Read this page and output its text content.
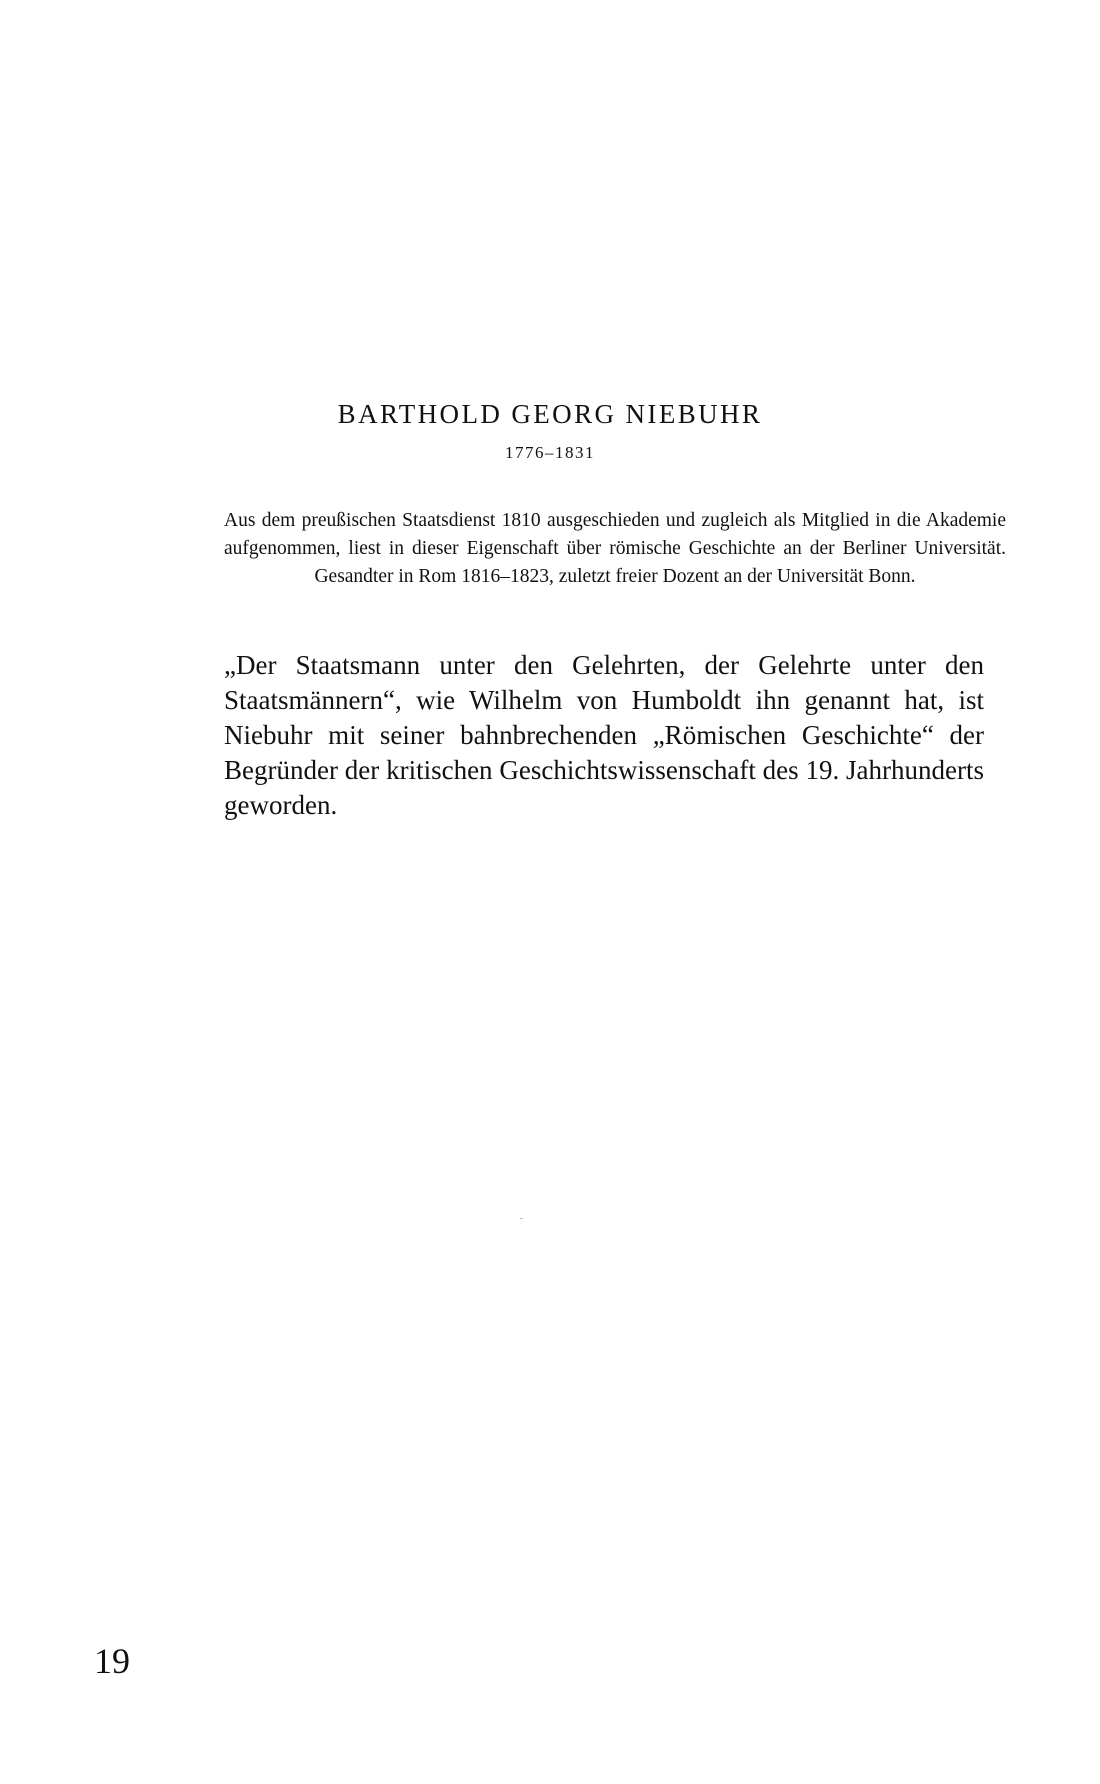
BARTHOLD GEORG NIEBUHR

1776–1831

Aus dem preußischen Staatsdienst 1810 ausgeschieden und zugleich als Mitglied in die Akademie aufgenommen, liest in dieser Eigenschaft über römische Geschichte an der Berliner Universität. Gesandter in Rom 1816–1823, zuletzt freier Dozent an der Universität Bonn.

„Der Staatsmann unter den Gelehrten, der Gelehrte unter den Staatsmännern“, wie Wilhelm von Humboldt ihn genannt hat, ist Niebuhr mit seiner bahnbrechenden „Römischen Geschichte“ der Begründer der kritischen Geschichtswissenschaft des 19. Jahrhunderts geworden.

19
